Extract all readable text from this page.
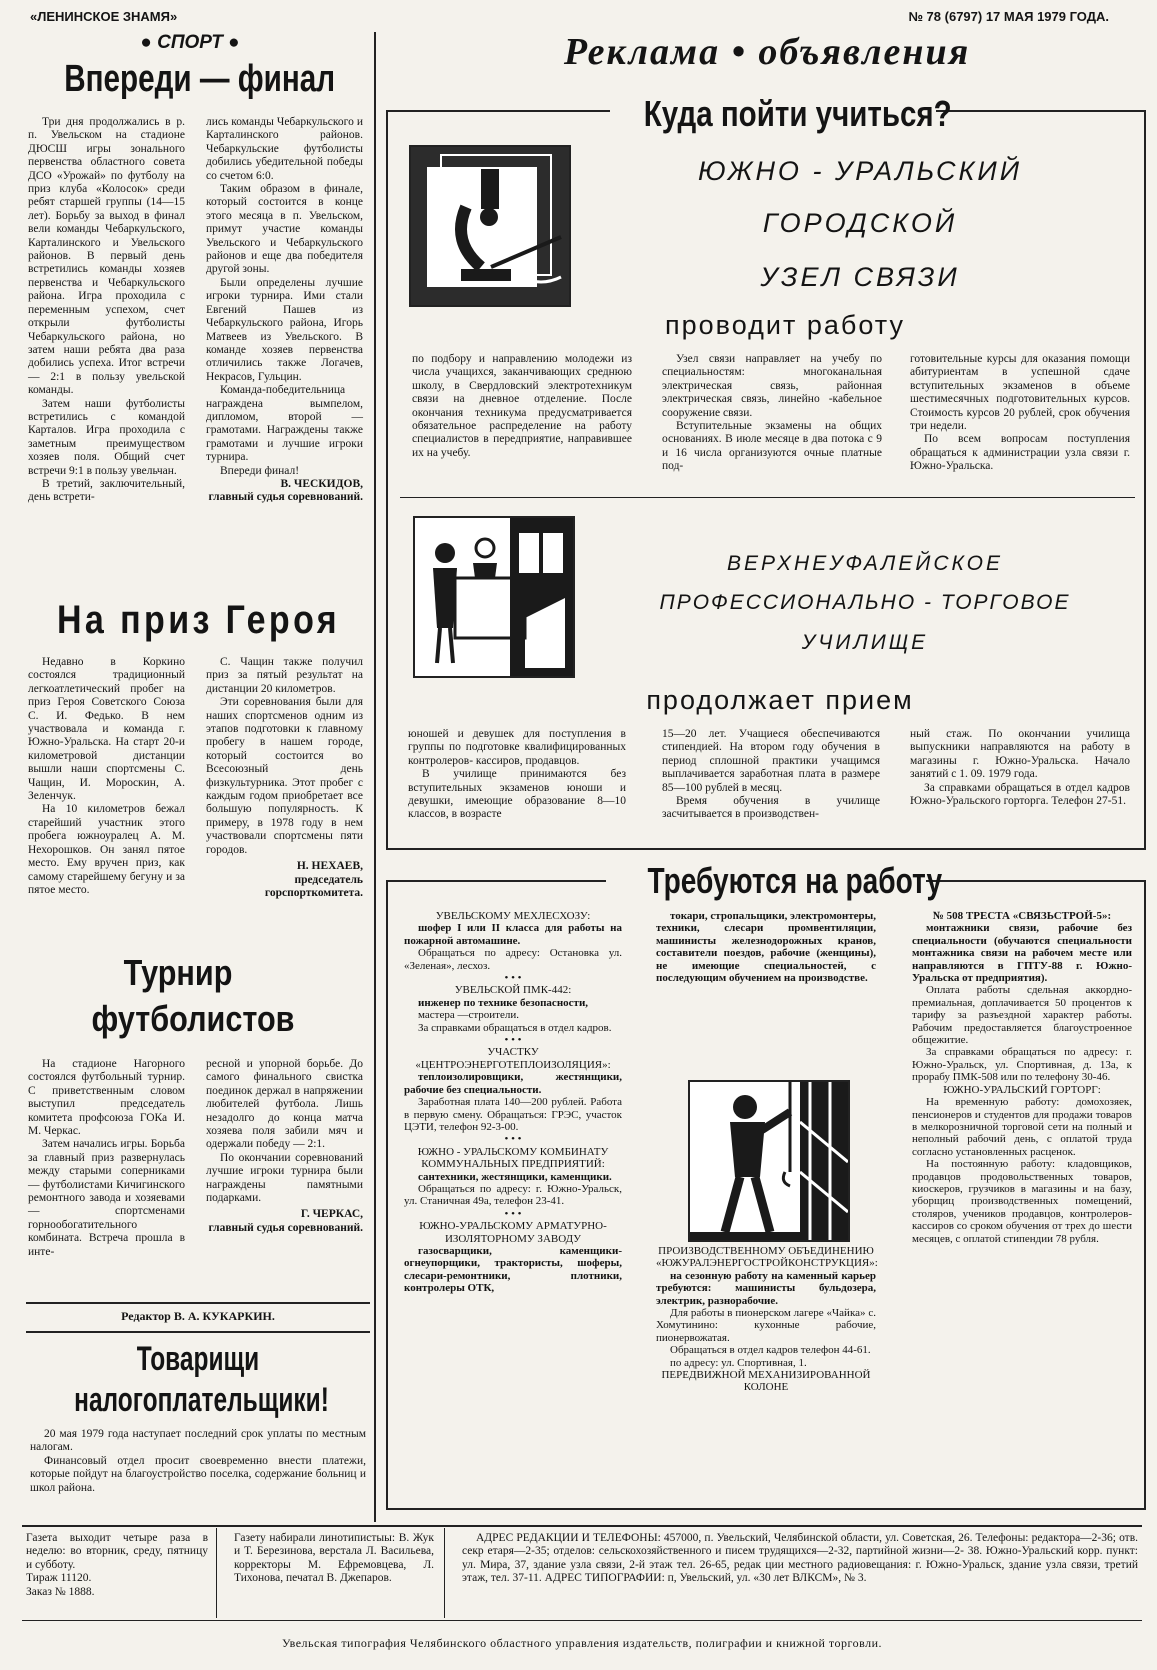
«ЛЕНИНСКОЕ ЗНАМЯ»	№ 78 (6797) 17 МАЯ 1979 ГОДА.
● СПОРТ ●
Впереди — финал

Три дня продолжались в р. п. Увельском на стадионе ДЮСШ игры зонального первенства областного совета ДСО «Урожай» по футболу на приз клуба «Колосок» среди ребят старшей группы (14—15 лет). Борьбу за выход в финал вели команды Чебаркульского, Карталинского и Увельского районов. В первый день встретились команды хозяев первенства и Чебаркульского района. Игра проходила с переменным успехом, счет открыли футболисты Чебаркульского района, но затем наши ребята два раза добились успеха. Итог встречи — 2:1 в пользу увельской команды.

Затем наши футболисты встретились с командой Карталов. Игра проходила с заметным преимуществом хозяев поля. Общий счет встречи 9:1 в пользу увельчан.

В третий, заключительный, день встрети-

лись команды Чебаркульского и Карталинского районов. Чебаркульские футболисты добились убедительной победы со счетом 6:0.

Таким образом в финале, который состоится в конце этого месяца в п. Увельском, примут участие команды Увельского и Чебаркульского районов и еще два победителя другой зоны.

Были определены лучшие игроки турнира. Ими стали Евгений Пашев из Чебаркульского района, Игорь Матвеев из Увельского. В команде хозяев первенства отличились также Логачев, Некрасов, Гульцин.

Команда-победительница награждена вымпелом, дипломом, второй — грамотами. Награждены также грамотами и лучшие игроки турнира.

Впереди финал!

В. ЧЕСКИДОВ,
главный судья соревнований.
На приз Героя

Недавно в Коркино состоялся традиционный легкоатлетический пробег на приз Героя Советского Союза С. И. Федько. В нем участвовала и команда г. Южно-Уральска. На старт 20-и километровой дистанции вышли наши спортсмены С. Чащин, И. Морoскин, А. Зеленчук.

На 10 километров бежал старейший участник этого пробега южноуралец А. М. Нехорошков. Он занял пятое место. Ему вручен приз, как самому старейшему бегуну и за пятое место.

С. Чащин также получил приз за пятый результат на дистанции 20 километров.

Эти соревнования были для наших спортсменов одним из этапов подготовки к главному пробегу в нашем городе, который состоится во Всесоюзный день физкультурника. Этот пробег с каждым годом приобретает все большую популярность. К примеру, в 1978 году в нем участвовали спортсмены пяти городов.

Н. НЕХАЕВ,
председатель горспорткомитета.
Турнир
футболистов

На стадионе Нагорного состоялся футбольный турнир. С приветственным словом выступил председатель комитета профсоюза ГОКа И. М. Черкас.

Затем начались игры. Борьба за главный приз развернулась между старыми соперниками — футболистами Кичигинского ремонтного завода и хозяевами — спортсменами горнообогатительного комбината. Встреча прошла в инте-

ресной и упорной борьбе. До самого финального свистка поединок держал в напряжении любителей футбола. Лишь незадолго до конца матча хозяева поля забили мяч и одержали победу — 2:1.

По окончании соревнований лучшие игроки турнира были награждены памятными подарками.

Г. ЧЕРКАС,
главный судья соревнований.
Редактор В. А. КУКАРКИН.
Товарищи
налогоплательщики!

20 мая 1979 года наступает последний срок уплаты по местным налогам.

Финансовый отдел просит своевременно внести платежи, которые пойдут на благоустройство поселка, содержание больниц и школ района.

Реклама • объявления
Куда пойти учиться?
ЮЖНО - УРАЛЬСКИЙ
ГОРОДСКОЙ
УЗЕЛ СВЯЗИ
проводит работу

по подбору и направлению молодежи из числа учащихся, заканчивающих среднюю школу, в Свердловский электротехникум связи на дневное отделение. После окончания техникума предусматривается обязательное распределение на работу специалистов в передприятие, направившее их на учебу.

Узел связи направляет на учебу по специальностям: многоканальная электрическая связь, районная электрическая связь, линейно -кабельное сооружение связи.

Вступительные экзамены на общих основаниях. В июле месяце в два потока с 9 и 16 числа организуются очные платные под-

готовительные курсы для оказания помощи абитуриентам в успешной сдаче вступительных экзаменов в объеме шестимесячных подготовительных курсов. Стоимость курсов 20 рублей, срок обучения три недели.

По всем вопросам поступления обращаться к администрации узла связи г. Южно-Уральска.

ВЕРХНЕУФАЛЕЙСКОЕ
ПРОФЕССИОНАЛЬНО - ТОРГОВОЕ
УЧИЛИЩЕ
продолжает прием

юношей и девушек для поступления в группы по подготовке квалифицированных контролеров- кассиров, продавцов.

В училище принимаются без вступительных экзаменов юноши и девушки, имеющие образование 8—10 классов, в возрасте

15—20 лет. Учащиеся обеспечиваются стипендией. На втором году обучения в период сплошной практики учащимся выплачивается заработная плата в размере 85—100 рублей в месяц.

Время обучения в училище засчитывается в производствен-

ный стаж. По окончании училища выпускники направляются на работу в магазины г. Южно-Уральска. Начало занятий с 1. 09. 1979 года.

За справками обращаться в отдел кадров Южно-Уральского горторга. Телефон 27-51.

Требуются на работу
УВЕЛЬСКОМУ МЕХЛЕСХОЗУ:

шофер I или II класса для работы на пожарной автомашине.

Обращаться по адресу: Остановка ул. «Зеленая», лесхоз.

• • •
УВЕЛЬСКОЙ ПМК-442:

инженер по технике безопасности,

мастера —строители.

За справками обращаться в отдел кадров.

• • •
УЧАСТКУ «ЦЕНТРОЭНЕРГОТЕПЛОИЗОЛЯЦИЯ»:

теплоизолировщики, жестянщики, рабочие без специальности.

Заработная плата 140—200 рублей. Работа в первую смену. Обращаться: ГРЭС, участок ЦЭТИ, телефон 92-3-00.

• • •
ЮЖНО - УРАЛЬСКОМУ КОМБИНАТУ КОММУНАЛЬНЫХ ПРЕДПРИЯТИЙ:

сантехники, жестянщики, каменщики.

Обращаться по адресу: г. Южно-Уральск, ул. Станичная 49а, телефон 23-41.

• • •
ЮЖНО-УРАЛЬСКОМУ АРМАТУРНО-ИЗОЛЯТОРНОМУ ЗАВОДУ

газосварщики, каменщики-огнеупорщики, трактористы, шоферы, слесари-ремонтники, плотники, контролеры ОТК,

токари, стропальщики, электромонтеры, техники, слесари промвентиляции, машинисты железнодорожных кранов, составители поездов, рабочие (женщины), не имеющие специальностей, с последующим обучением на производстве.

ПРОИЗВОДСТВЕННОМУ ОБЪЕДИНЕНИЮ «ЮЖУРАЛЭНЕРГОСТРОЙКОНСТРУКЦИЯ»:

на сезонную работу на каменный карьер требуются: машинисты бульдозера, электрик, разнорабочие.

Для работы в пионерском лагере «Чайка» с. Хомутинино: кухонные рабочие, пионервожатая.

Обращаться в отдел кадров телефон 44-61.

по адресу: ул. Спортивная, 1.

ПЕРЕДВИЖНОЙ МЕХАНИЗИРОВАННОЙ КОЛОНЕ
№ 508 ТРЕСТА «СВЯЗЬСТРОЙ-5»:

монтажники связи, рабочие без специальности (обучаются специальности монтажника связи на рабочем месте или направляются в ГПТУ-88 г. Южно-Уральска от предприятия).

Оплата работы сдельная аккордно- премиальная, доплачивается 50 процентов к тарифу за разъездной характер работы. Рабочим предоставляется благоустроенное общежитие.

За справками обращаться по адресу: г. Южно-Уральск, ул. Спортивная, д. 13а, к прорабу ПМК-508 или по телефону 30-46.

ЮЖНО-УРАЛЬСКИЙ ГОРТОРГ:

На временную работу: домохозяек, пенсионеров и студентов для продажи товаров в мелкорозничной торговой сети на полный и неполный рабочий день, с оплатой труда согласно установленных расценок.

На постоянную работу: кладовщиков, продавцов продовольственных товаров, киоскеров, грузчиков в магазины и на базу, уборщиц производственных помещений, столяров, учеников продавцов, контролеров-кассиров со сроком обучения от трех до шести месяцев, с оплатой стипендии 78 рубля.

Газета выходит четыре раза в неделю: во вторник, среду, пятницу и субботу.

Тираж 11120.
Заказ № 1888.

Газету набирали линотипистыы: В. Жук и Т. Березинова, верстала Л. Васильева, корректоры М. Ефремовцева, Л. Тихонова, печатал В. Джепаров.

АДРЕС РЕДАКЦИИ И ТЕЛЕФОНЫ: 457000, п. Увельский, Челябинской области, ул. Советская, 26. Телефоны: редактора—2-36; отв. секр етаря—2-35; отделов: сельскохозяйственного и писем трудящихся—2-32, партийной жизни—2- 38. Южно-Уральский корр. пункт: ул. Мира, 37, здание узла связи, 2-й этаж тел. 26-65, редак ции местного радиовещания: г. Южно-Уральск, здание узла связи, третий этаж, тел. 37-11. АДРЕС ТИПОГРАФИИ: п, Увельский, ул. «30 лет ВЛКСМ», № 3.

Увельская типография Челябинского областного управления издательств, полиграфии и книжной торговли.
